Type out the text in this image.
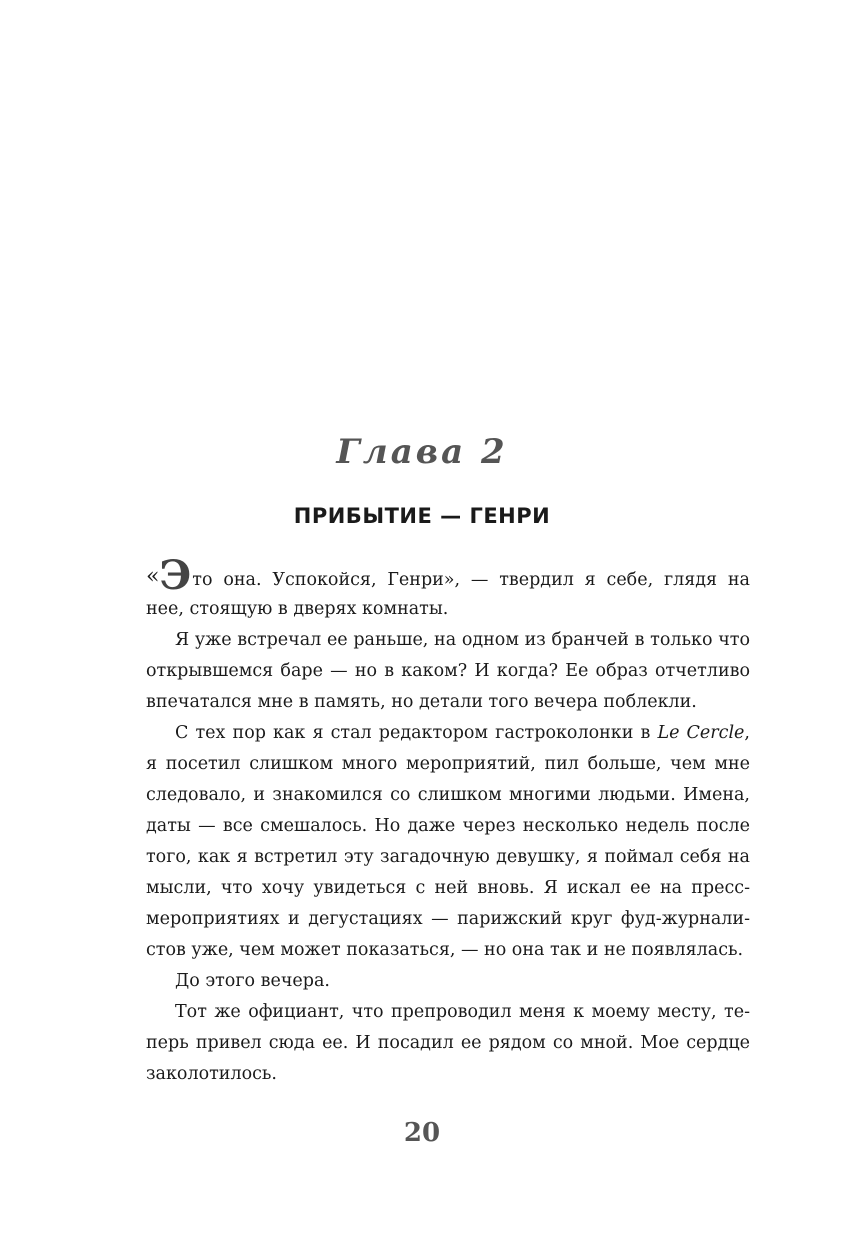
Глава 2
ПРИБЫТИЕ — ГЕНРИ
«Это она. Успокойся, Генри», — твердил я себе, глядя на
нее, стоящую в дверях комнаты.
Я уже встречал ее раньше, на одном из бранчей в только что
открывшемся баре — но в каком? И когда? Ее образ отчетливо
впечатался мне в память, но детали того вечера поблекли.
С тех пор как я стал редактором гастроколонки в Le Cercle,
я посетил слишком много мероприятий, пил больше, чем мне
следовало, и знакомился со слишком многими людьми. Имена,
даты — все смешалось. Но даже через несколько недель после
того, как я встретил эту загадочную девушку, я поймал себя на
мысли, что хочу увидеться с ней вновь. Я искал ее на пресс-
мероприятиях и дегустациях — парижский круг фуд-журнали-
стов уже, чем может показаться, — но она так и не появлялась.
До этого вечера.
Тот же официант, что препроводил меня к моему месту, те-
перь привел сюда ее. И посадил ее рядом со мной. Мое сердце
заколотилось.
20
